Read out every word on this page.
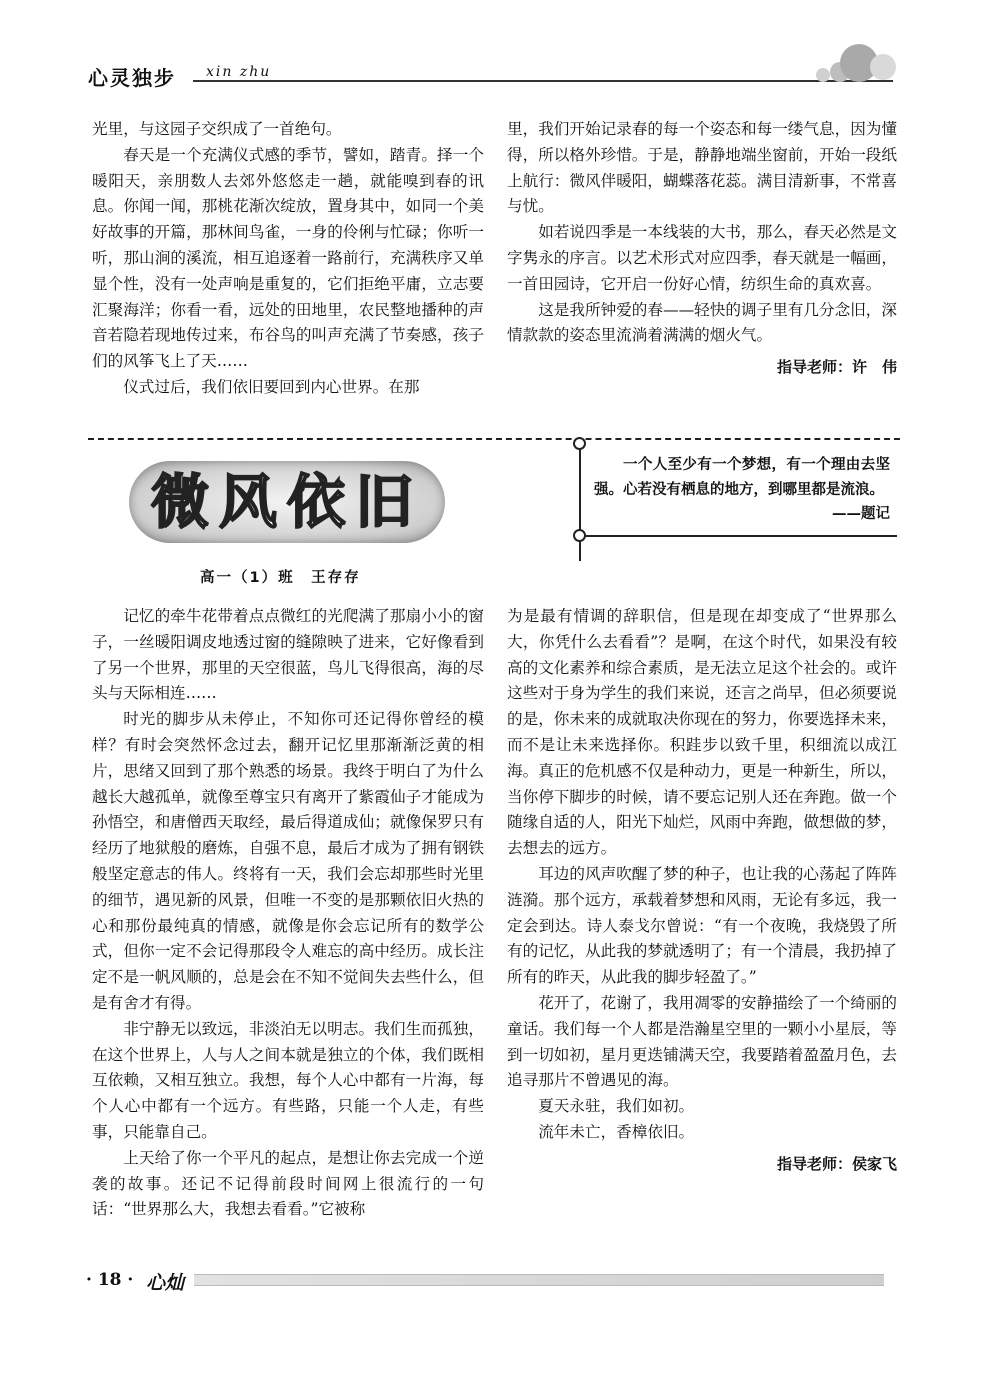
心灵独步 xin zhu

光里，与这园子交织成了一首绝句。

春天是一个充满仪式感的季节，譬如，踏青。择一个暖阳天，亲朋数人去郊外悠悠走一趟，就能嗅到春的讯息。你闻一闻，那桃花渐次绽放，置身其中，如同一个美好故事的开篇，那林间鸟雀，一身的伶俐与忙碌；你听一听，那山涧的溪流，相互追逐着一路前行，充满秩序又单显个性，没有一处声响是重复的，它们拒绝平庸，立志要汇聚海洋；你看一看，远处的田地里，农民整地播种的声音若隐若现地传过来，布谷鸟的叫声充满了节奏感，孩子们的风筝飞上了天……

仪式过后，我们依旧要回到内心世界。在那

里，我们开始记录春的每一个姿态和每一缕气息，因为懂得，所以格外珍惜。于是，静静地端坐窗前，开始一段纸上航行：微风伴暖阳，蝴蝶落花蕊。满目清新事，不常喜与忧。

如若说四季是一本线装的大书，那么，春天必然是文字隽永的序言。以艺术形式对应四季，春天就是一幅画，一首田园诗，它开启一份好心情，纺织生命的真欢喜。

这是我所钟爱的春——轻快的调子里有几分念旧，深情款款的姿态里流淌着满满的烟火气。

指导老师：许　伟
微风依旧
高一（1）班　王存存

一个人至少有一个梦想，有一个理由去坚强。心若没有栖息的地方，到哪里都是流浪。
——题记

记忆的牵牛花带着点点微红的光爬满了那扇小小的窗子，一丝暖阳调皮地透过窗的缝隙映了进来，它好像看到了另一个世界，那里的天空很蓝，鸟儿飞得很高，海的尽头与天际相连……

时光的脚步从未停止，不知你可还记得你曾经的模样？有时会突然怀念过去，翻开记忆里那渐渐泛黄的相片，思绪又回到了那个熟悉的场景。我终于明白了为什么越长大越孤单，就像至尊宝只有离开了紫霞仙子才能成为孙悟空，和唐僧西天取经，最后得道成仙；就像保罗只有经历了地狱般的磨炼，自强不息，最后才成为了拥有钢铁般坚定意志的伟人。终将有一天，我们会忘却那些时光里的细节，遇见新的风景，但唯一不变的是那颗依旧火热的心和那份最纯真的情感，就像是你会忘记所有的数学公式，但你一定不会记得那段令人难忘的高中经历。成长注定不是一帆风顺的，总是会在不知不觉间失去些什么，但是有舍才有得。

非宁静无以致远，非淡泊无以明志。我们生而孤独，在这个世界上，人与人之间本就是独立的个体，我们既相互依赖，又相互独立。我想，每个人心中都有一片海，每个人心中都有一个远方。有些路，只能一个人走，有些事，只能靠自己。

上天给了你一个平凡的起点，是想让你去完成一个逆袭的故事。还记不记得前段时间网上很流行的一句话：“世界那么大，我想去看看。”它被称

为是最有情调的辞职信，但是现在却变成了“世界那么大，你凭什么去看看”？是啊，在这个时代，如果没有较高的文化素养和综合素质，是无法立足这个社会的。或许这些对于身为学生的我们来说，还言之尚早，但必须要说的是，你未来的成就取决你现在的努力，你要选择未来，而不是让未来选择你。积跬步以致千里，积细流以成江海。真正的危机感不仅是种动力，更是一种新生，所以，当你停下脚步的时候，请不要忘记别人还在奔跑。做一个随缘自适的人，阳光下灿烂，风雨中奔跑，做想做的梦，去想去的远方。

耳边的风声吹醒了梦的种子，也让我的心荡起了阵阵涟漪。那个远方，承载着梦想和风雨，无论有多远，我一定会到达。诗人泰戈尔曾说：“有一个夜晚，我烧毁了所有的记忆，从此我的梦就透明了；有一个清晨，我扔掉了所有的昨天，从此我的脚步轻盈了。”

花开了，花谢了，我用凋零的安静描绘了一个绮丽的童话。我们每一个人都是浩瀚星空里的一颗小小星辰，等到一切如初，星月更迭铺满天空，我要踏着盈盈月色，去追寻那片不曾遇见的海。

夏天永驻，我们如初。

流年未亡，香樟依旧。

指导老师：侯家飞
· 18 · 心灿
